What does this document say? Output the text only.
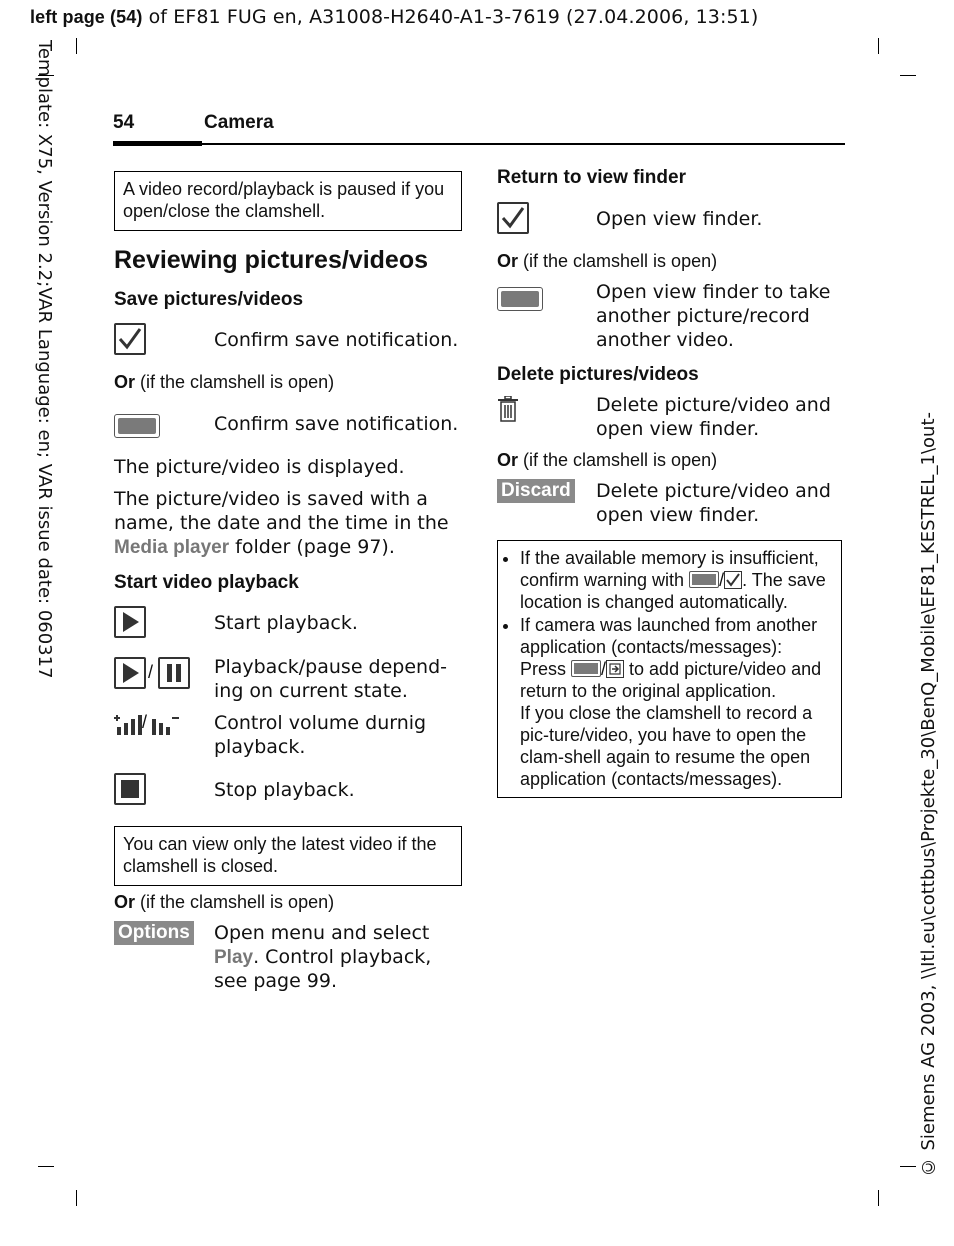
left page (54) of EF81 FUG en, A31008-H2640-A1-3-7619 (27.04.2006, 13:51)
Template: X75, Version 2.2;VAR Language: en; VAR issue date: 060317
© Siemens AG 2003, \\Itl.eu\cottbus\Projekte_30\BenQ_Mobile\EF81_KESTREL_1\out-
54	Camera
A video record/playback is paused if you open/close the clamshell.
Reviewing pictures/videos
Save pictures/videos
Confirm save notification.
Or (if the clamshell is open)
Confirm save notification.
The picture/video is displayed.
The picture/video is saved with a name, the date and the time in the Media player folder (page 97).
Start video playback
Start playback.
/	Playback/pause depend-
ing on current state.
/	Control volume durnig
playback.
Stop playback.
You can view only the latest video if the clamshell is closed.
Or (if the clamshell is open)
Options Open menu and select
Play. Control playback,
see page 99.
Return to view finder
Open view finder.
Or (if the clamshell is open)
Open view finder to take
another picture/record
another video.
Delete pictures/videos
Delete picture/video and
open view finder.
Or (if the clamshell is open)
Discard Delete picture/video and
open view finder.
• If the available memory is insufficient, confirm warning with / . The save location is changed automatically.
• If camera was launched from another application (contacts/messages):
Press /
to add picture/video and return to the original application.
If you close the clamshell to record a pic-ture/video, you have to open the clam-shell again to resume the open application (contacts/messages).
